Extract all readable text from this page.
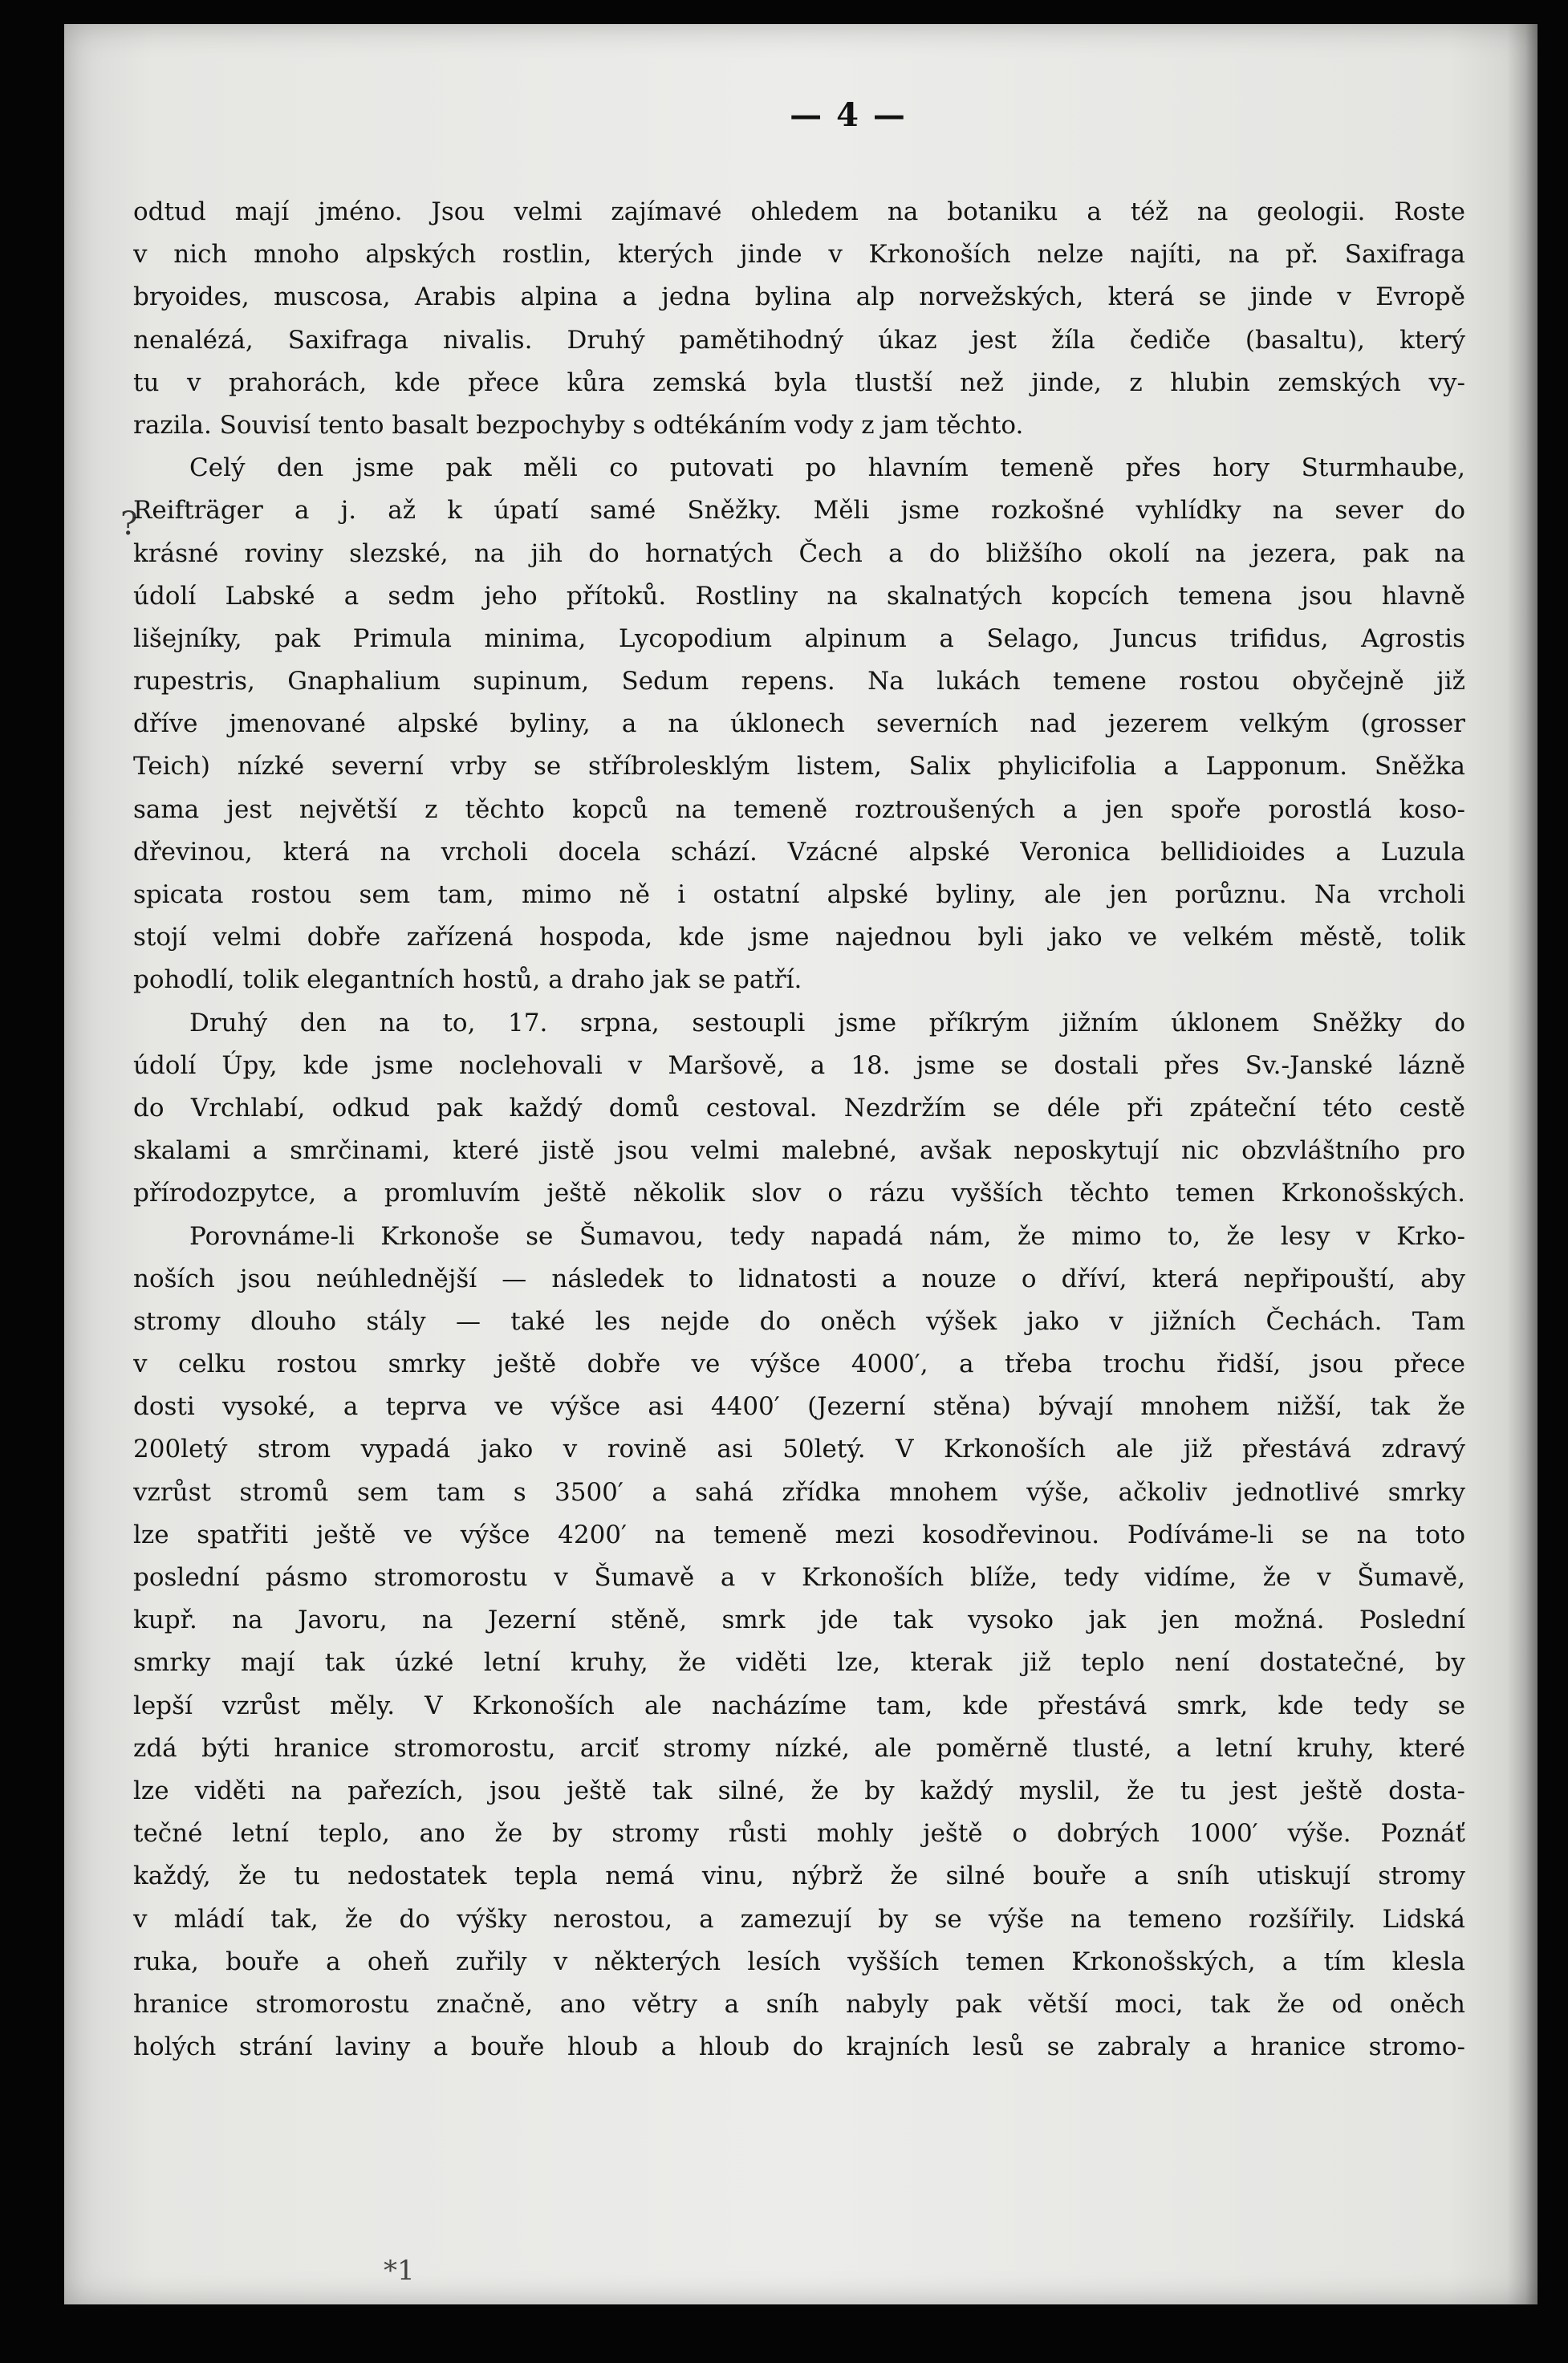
— 4 —
?
odtud mají jméno. Jsou velmi zajímavé ohledem na botaniku a též na geologii. Roste
v nich mnoho alpských rostlin, kterých jinde v Krkonoších nelze najíti, na př. Saxifraga
bryoides, muscosa, Arabis alpina a jedna bylina alp norvežských, která se jinde v Evropě
nenalézá, Saxifraga nivalis. Druhý pamětihodný úkaz jest žíla čediče (basaltu), který
tu v prahorách, kde přece kůra zemská byla tlustší než jinde, z hlubin zemských vy-
razila. Souvisí tento basalt bezpochyby s odtékáním vody z jam těchto.
Celý den jsme pak měli co putovati po hlavním temeně přes hory Sturmhaube,
Reifträger a j. až k úpatí samé Sněžky. Měli jsme rozkošné vyhlídky na sever do
krásné roviny slezské, na jih do hornatých Čech a do bližšího okolí na jezera, pak na
údolí Labské a sedm jeho přítoků. Rostliny na skalnatých kopcích temena jsou hlavně
lišejníky, pak Primula minima, Lycopodium alpinum a Selago, Juncus trifidus, Agrostis
rupestris, Gnaphalium supinum, Sedum repens. Na lukách temene rostou obyčejně již
dříve jmenované alpské byliny, a na úklonech severních nad jezerem velkým (grosser
Teich) nízké severní vrby se stříbrolesklým listem, Salix phylicifolia a Lapponum. Sněžka
sama jest největší z těchto kopců na temeně roztroušených a jen spoře porostlá koso-
dřevinou, která na vrcholi docela schází. Vzácné alpské Veronica bellidioides a Luzula
spicata rostou sem tam, mimo ně i ostatní alpské byliny, ale jen porůznu. Na vrcholi
stojí velmi dobře zařízená hospoda, kde jsme najednou byli jako ve velkém městě, tolik
pohodlí, tolik elegantních hostů, a draho jak se patří.
Druhý den na to, 17. srpna, sestoupli jsme příkrým jižním úklonem Sněžky do
údolí Úpy, kde jsme noclehovali v Maršově, a 18. jsme se dostali přes Sv.-Janské lázně
do Vrchlabí, odkud pak každý domů cestoval. Nezdržím se déle při zpáteční této cestě
skalami a smrčinami, které jistě jsou velmi malebné, avšak neposkytují nic obzvláštního pro
přírodozpytce, a promluvím ještě několik slov o rázu vyšších těchto temen Krkonošských.
Porovnáme-li Krkonoše se Šumavou, tedy napadá nám, že mimo to, že lesy v Krko-
noších jsou neúhlednější — následek to lidnatosti a nouze o dříví, která nepřipouští, aby
stromy dlouho stály — také les nejde do oněch výšek jako v jižních Čechách. Tam
v celku rostou smrky ještě dobře ve výšce 4000′, a třeba trochu řidší, jsou přece
dosti vysoké, a teprva ve výšce asi 4400′ (Jezerní stěna) bývají mnohem nižší, tak že
200letý strom vypadá jako v rovině asi 50letý. V Krkonoších ale již přestává zdravý
vzrůst stromů sem tam s 3500′ a sahá zřídka mnohem výše, ačkoliv jednotlivé smrky
lze spatřiti ještě ve výšce 4200′ na temeně mezi kosodřevinou. Podíváme-li se na toto
poslední pásmo stromorostu v Šumavě a v Krkonoších blíže, tedy vidíme, že v Šumavě,
kupř. na Javoru, na Jezerní stěně, smrk jde tak vysoko jak jen možná. Poslední
smrky mají tak úzké letní kruhy, že viděti lze, kterak již teplo není dostatečné, by
lepší vzrůst měly. V Krkonoších ale nacházíme tam, kde přestává smrk, kde tedy se
zdá býti hranice stromorostu, arciť stromy nízké, ale poměrně tlusté, a letní kruhy, které
lze viděti na pařezích, jsou ještě tak silné, že by každý myslil, že tu jest ještě dosta-
tečné letní teplo, ano že by stromy růsti mohly ještě o dobrých 1000′ výše. Poznáť
každý, že tu nedostatek tepla nemá vinu, nýbrž že silné bouře a sníh utiskují stromy
v mládí tak, že do výšky nerostou, a zamezují by se výše na temeno rozšířily. Lidská
ruka, bouře a oheň zuřily v některých lesích vyšších temen Krkonošských, a tím klesla
hranice stromorostu značně, ano větry a sníh nabyly pak větší moci, tak že od oněch
holých strání laviny a bouře hloub a hloub do krajních lesů se zabraly a hranice stromo-
*1
